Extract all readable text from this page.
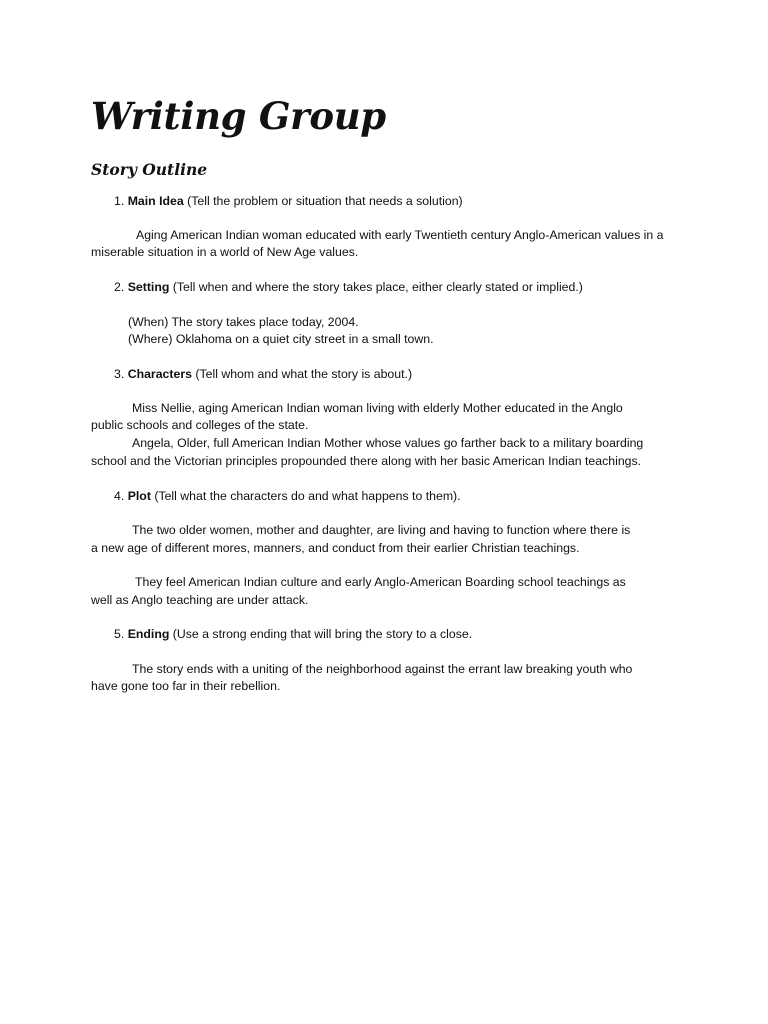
Writing Group
Story Outline

1. Main Idea (Tell the problem or situation that needs a solution)

Aging American Indian woman educated with early Twentieth century Anglo-American values in a

miserable situation in a world of New Age values.

2. Setting (Tell when and where the story takes place, either clearly stated or implied.)

(When) The story takes place today, 2004.

(Where) Oklahoma on a quiet city street in a small town.

3. Characters (Tell whom and what the story is about.)

Miss Nellie, aging American Indian woman living with elderly Mother educated in the Anglo

public schools and colleges of the state.

Angela, Older, full American Indian Mother whose values go farther back to a military boarding

school and the Victorian principles propounded there along with her basic American Indian teachings.

4. Plot (Tell what the characters do and what happens to them).

The two older women, mother and daughter, are living and having to function where there is

a new age of different mores, manners, and conduct from their earlier Christian teachings.

They feel American Indian culture and early Anglo-American Boarding school teachings as

well as Anglo teaching are under attack.

5. Ending (Use a strong ending that will bring the story to a close.

The story ends with a uniting of the neighborhood against the errant law breaking youth who

have gone too far in their rebellion.
